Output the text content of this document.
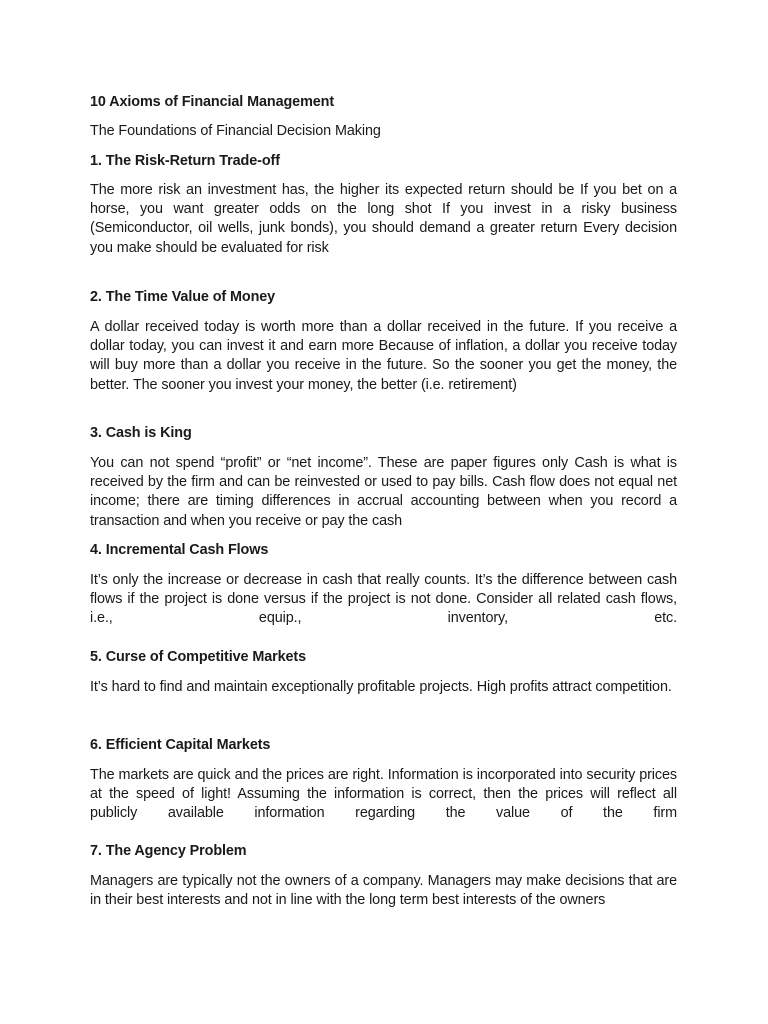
10 Axioms of Financial Management

The Foundations of Financial Decision Making

1. The Risk-Return Trade-off

The more risk an investment has, the higher its expected return should be If you bet on a horse, you want greater odds on the long shot If you invest in a risky business (Semiconductor, oil wells, junk bonds), you should demand a greater return Every decision you make should be evaluated for risk

2. The Time Value of Money

A dollar received today is worth more than a dollar received in the future. If you receive a dollar today, you can invest it and earn more Because of inflation, a dollar you receive today will buy more than a dollar you receive in the future. So the sooner you get the money, the better. The sooner you invest your money, the better (i.e. retirement)

3. Cash is King

You can not spend “profit” or “net income”. These are paper figures only Cash is what is received by the firm and can be reinvested or used to pay bills. Cash flow does not equal net income; there are timing differences in accrual accounting between when you record a transaction and when you receive or pay the cash

4. Incremental Cash Flows

It’s only the increase or decrease in cash that really counts. It’s the difference between cash flows if the project is done versus if the project is not done. Consider all related cash flows, i.e., equip., inventory, etc.

5. Curse of Competitive Markets

It’s hard to find and maintain exceptionally profitable projects. High profits attract competition.

6. Efficient Capital Markets

The markets are quick and the prices are right. Information is incorporated into security prices at the speed of light! Assuming the information is correct, then the prices will reflect all publicly available information regarding the value of the firm

7. The Agency Problem

Managers are typically not the owners of a company. Managers may make decisions that are in their best interests and not in line with the long term best interests of the owners
